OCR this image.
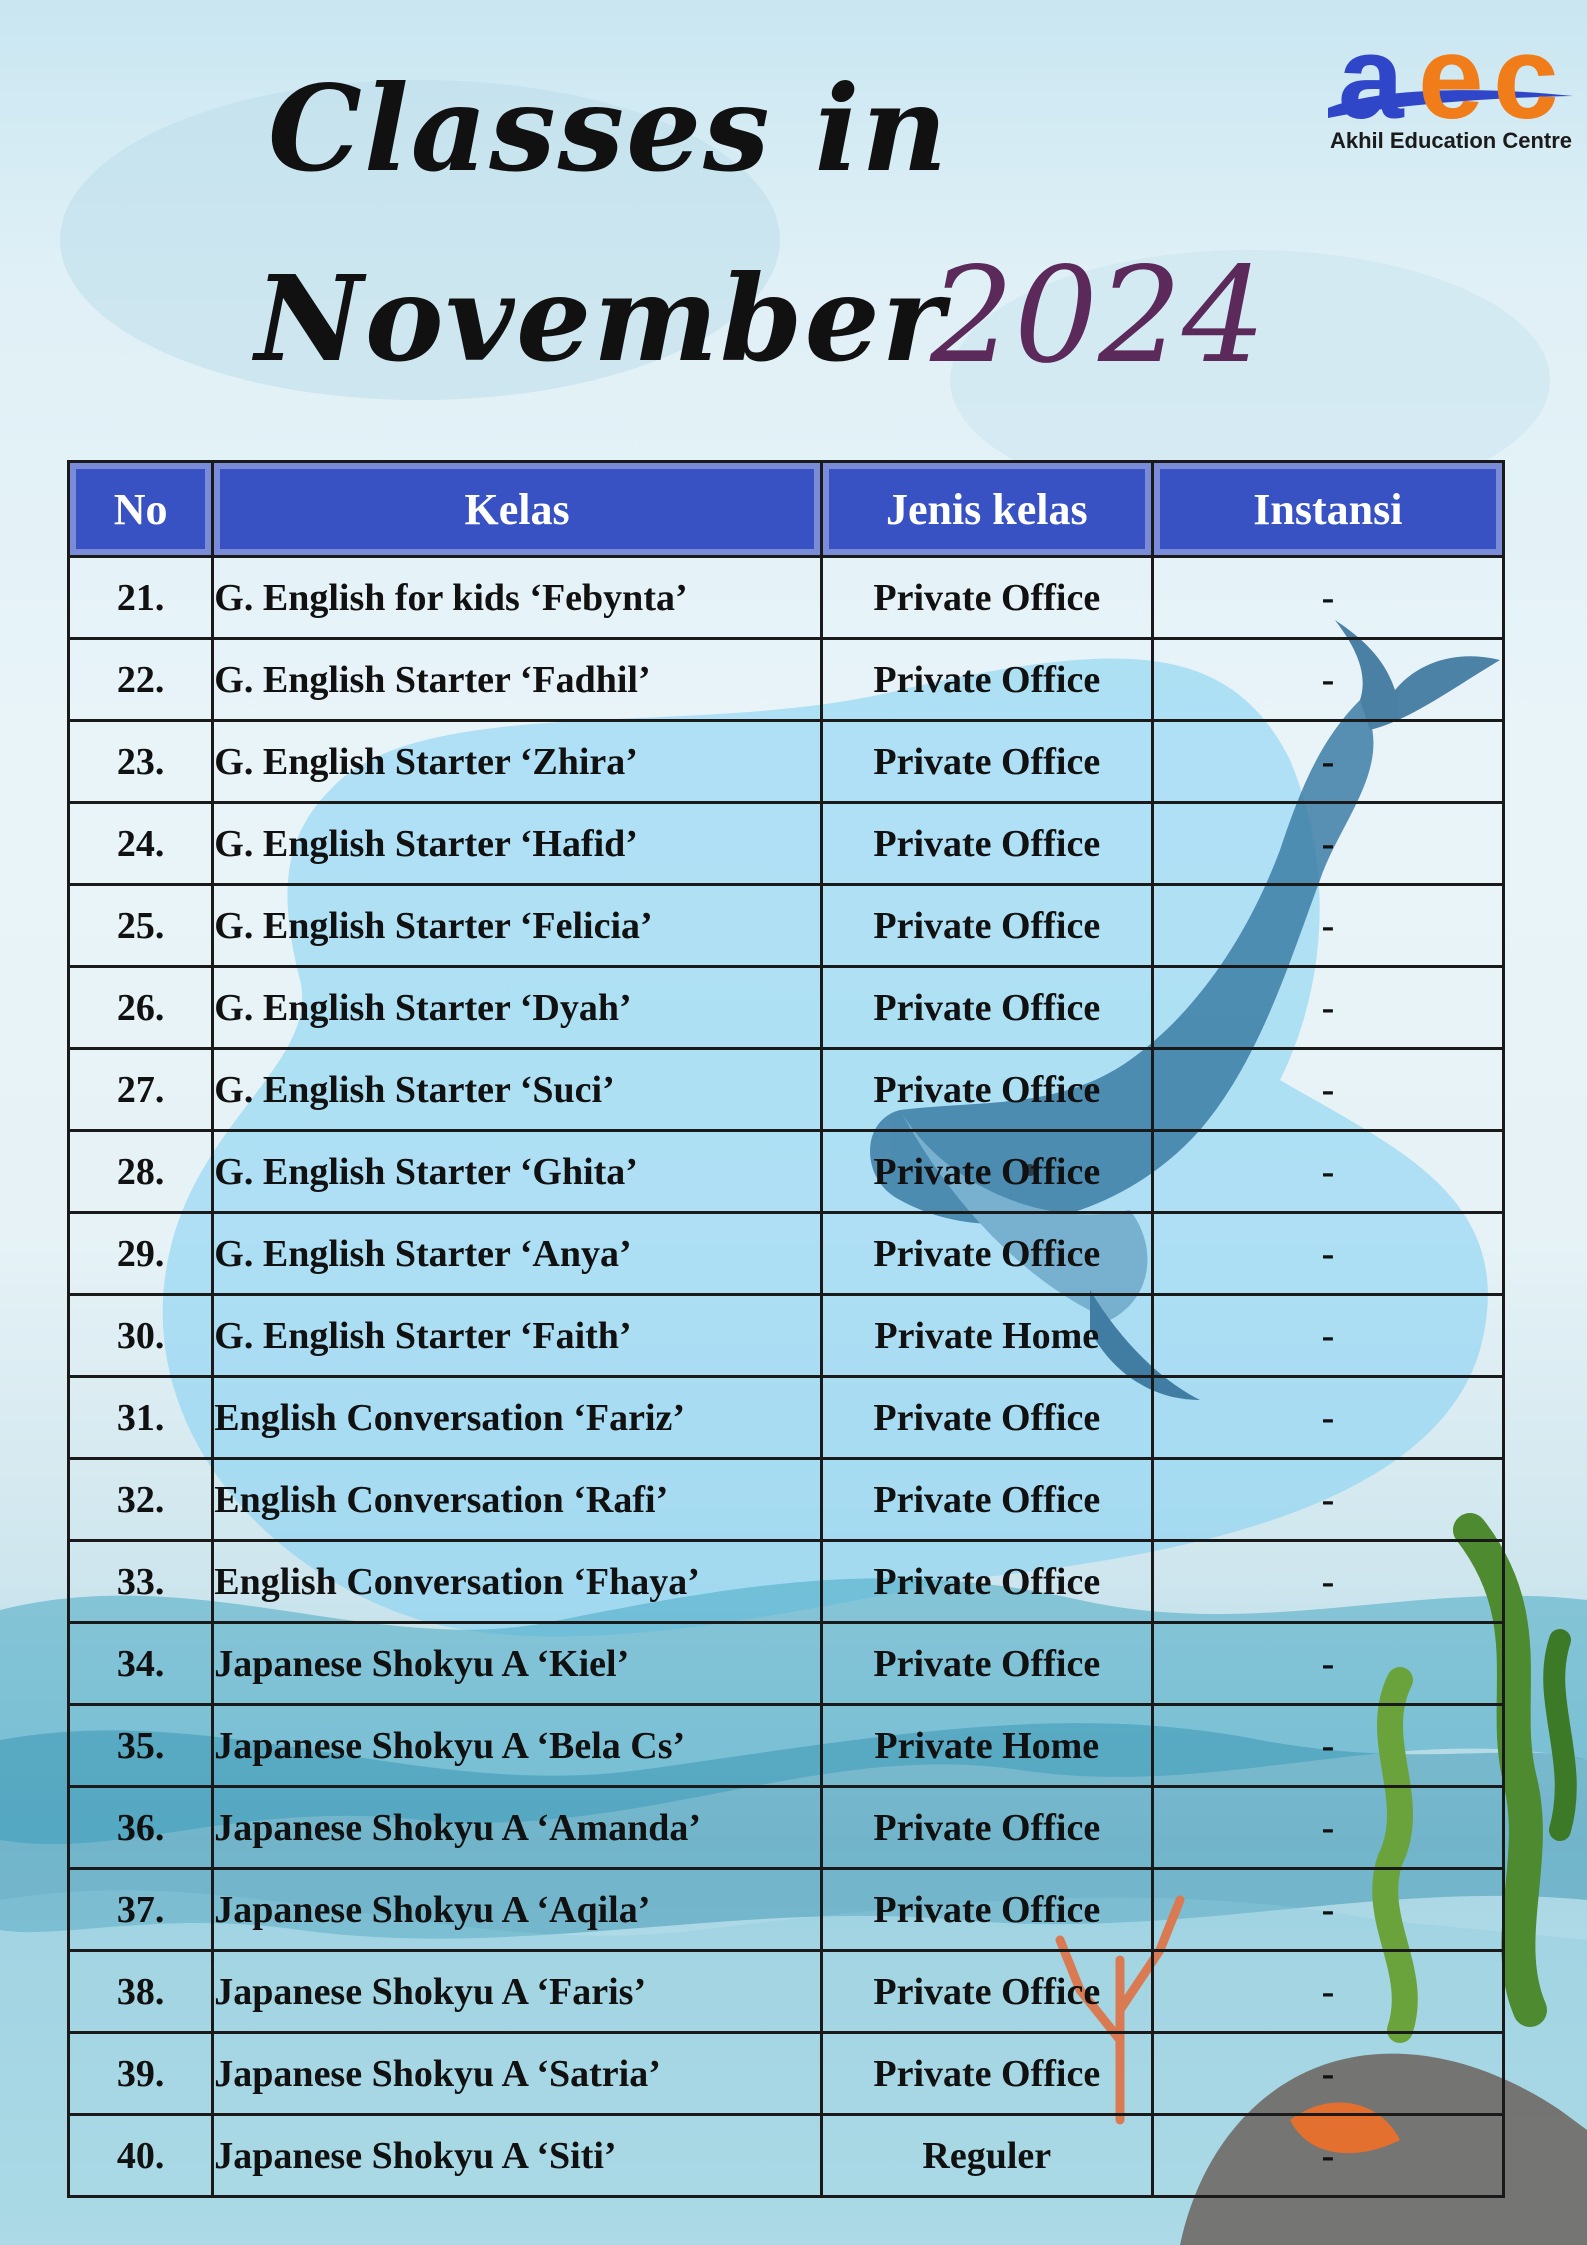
Classes in
November
2024
a e c
Akhil Education Centre
No	Kelas	Jenis kelas	Instansi
21.	G. English for kids ‘Febynta’	Private Office	-
22.	G. English Starter ‘Fadhil’	Private Office	-
23.	G. English Starter ‘Zhira’	Private Office	-
24.	G. English Starter ‘Hafid’	Private Office	-
25.	G. English Starter ‘Felicia’	Private Office	-
26.	G. English Starter ‘Dyah’	Private Office	-
27.	G. English Starter ‘Suci’	Private Office	-
28.	G. English Starter ‘Ghita’	Private Office	-
29.	G. English Starter ‘Anya’	Private Office	-
30.	G. English Starter ‘Faith’	Private Home	-
31.	English Conversation ‘Fariz’	Private Office	-
32.	English Conversation ‘Rafi’	Private Office	-
33.	English Conversation ‘Fhaya’	Private Office	-
34.	Japanese Shokyu A ‘Kiel’	Private Office	-
35.	Japanese Shokyu A ‘Bela Cs’	Private Home	-
36.	Japanese Shokyu A ‘Amanda’	Private Office	-
37.	Japanese Shokyu A ‘Aqila’	Private Office	-
38.	Japanese Shokyu A ‘Faris’	Private Office	-
39.	Japanese Shokyu A ‘Satria’	Private Office	-
40.	Japanese Shokyu A ‘Siti’	Reguler	-
